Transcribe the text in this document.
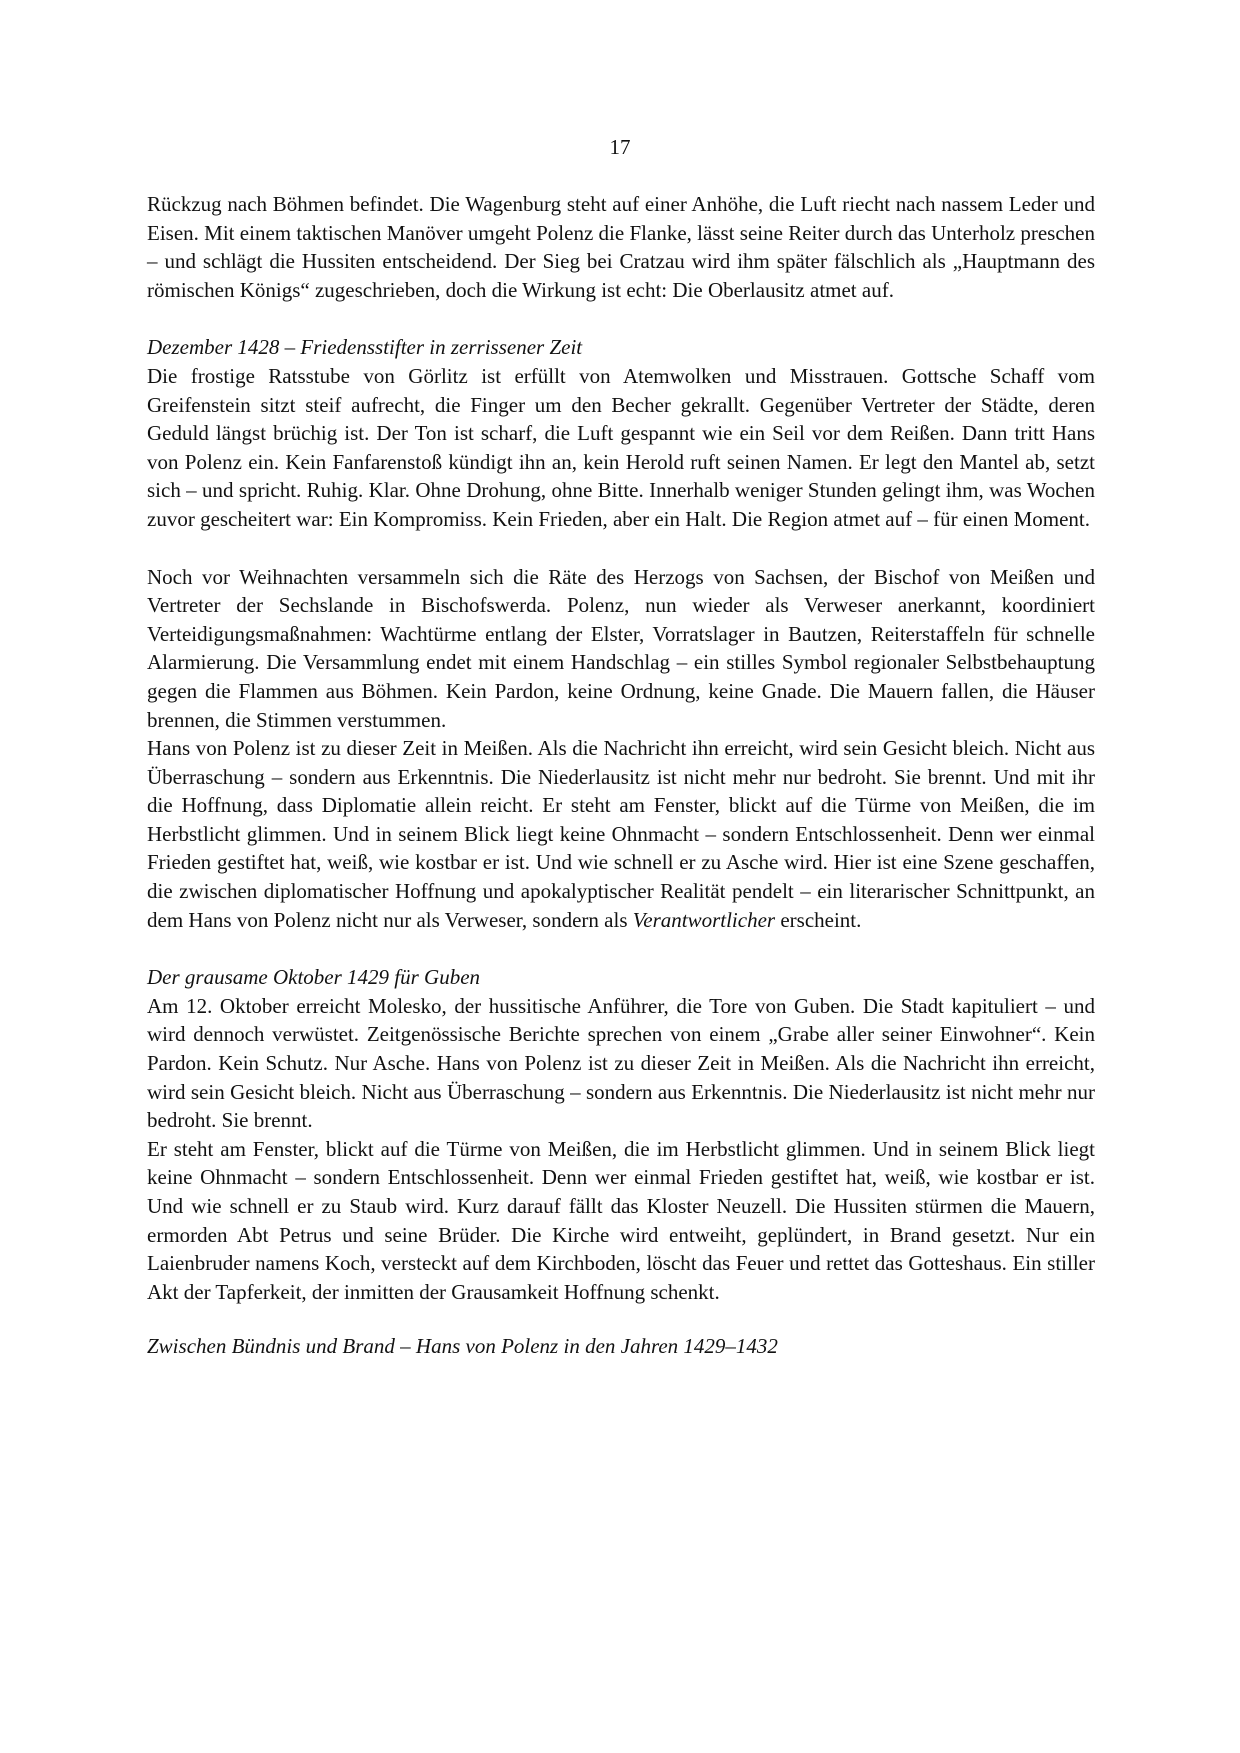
17

Rückzug nach Böhmen befindet. Die Wagenburg steht auf einer Anhöhe, die Luft riecht nach nassem Leder und Eisen. Mit einem taktischen Manöver umgeht Polenz die Flanke, lässt seine Reiter durch das Unterholz preschen – und schlägt die Hussiten entscheidend. Der Sieg bei Cratzau wird ihm später fälschlich als „Hauptmann des römischen Königs“ zugeschrieben, doch die Wirkung ist echt: Die Oberlausitz atmet auf.

Dezember 1428 – Friedensstifter in zerrissener Zeit

Die frostige Ratsstube von Görlitz ist erfüllt von Atemwolken und Misstrauen. Gottsche Schaff vom Greifenstein sitzt steif aufrecht, die Finger um den Becher gekrallt. Gegenüber Vertreter der Städte, deren Geduld längst brüchig ist. Der Ton ist scharf, die Luft gespannt wie ein Seil vor dem Reißen. Dann tritt Hans von Polenz ein. Kein Fanfarenstoß kündigt ihn an, kein Herold ruft seinen Namen. Er legt den Mantel ab, setzt sich – und spricht. Ruhig. Klar. Ohne Drohung, ohne Bitte. Innerhalb weniger Stunden gelingt ihm, was Wochen zuvor gescheitert war: Ein Kompromiss. Kein Frieden, aber ein Halt. Die Region atmet auf – für einen Moment.

Noch vor Weihnachten versammeln sich die Räte des Herzogs von Sachsen, der Bischof von Meißen und Vertreter der Sechslande in Bischofswerda. Polenz, nun wieder als Verweser anerkannt, koordiniert Verteidigungsmaßnahmen: Wachtürme entlang der Elster, Vorratslager in Bautzen, Reiterstaffeln für schnelle Alarmierung. Die Versammlung endet mit einem Handschlag – ein stilles Symbol regionaler Selbstbehauptung gegen die Flammen aus Böhmen. Kein Pardon, keine Ordnung, keine Gnade. Die Mauern fallen, die Häuser brennen, die Stimmen verstummen.

Hans von Polenz ist zu dieser Zeit in Meißen. Als die Nachricht ihn erreicht, wird sein Gesicht bleich. Nicht aus Überraschung – sondern aus Erkenntnis. Die Niederlausitz ist nicht mehr nur bedroht. Sie brennt. Und mit ihr die Hoffnung, dass Diplomatie allein reicht. Er steht am Fenster, blickt auf die Türme von Meißen, die im Herbstlicht glimmen. Und in seinem Blick liegt keine Ohnmacht – sondern Entschlossenheit. Denn wer einmal Frieden gestiftet hat, weiß, wie kostbar er ist. Und wie schnell er zu Asche wird. Hier ist eine Szene geschaffen, die zwischen diplomatischer Hoffnung und apokalyptischer Realität pendelt – ein literarischer Schnittpunkt, an dem Hans von Polenz nicht nur als Verweser, sondern als Verantwortlicher erscheint.

Der grausame Oktober 1429 für Guben

Am 12. Oktober erreicht Molesko, der hussitische Anführer, die Tore von Guben. Die Stadt kapituliert – und wird dennoch verwüstet. Zeitgenössische Berichte sprechen von einem „Grabe aller seiner Einwohner“. Kein Pardon. Kein Schutz. Nur Asche. Hans von Polenz ist zu dieser Zeit in Meißen. Als die Nachricht ihn erreicht, wird sein Gesicht bleich. Nicht aus Überraschung – sondern aus Erkenntnis. Die Niederlausitz ist nicht mehr nur bedroht. Sie brennt.

Er steht am Fenster, blickt auf die Türme von Meißen, die im Herbstlicht glimmen. Und in seinem Blick liegt keine Ohnmacht – sondern Entschlossenheit. Denn wer einmal Frieden gestiftet hat, weiß, wie kostbar er ist. Und wie schnell er zu Staub wird. Kurz darauf fällt das Kloster Neuzell. Die Hussiten stürmen die Mauern, ermorden Abt Petrus und seine Brüder. Die Kirche wird entweiht, geplündert, in Brand gesetzt. Nur ein Laienbruder namens Koch, versteckt auf dem Kirchboden, löscht das Feuer und rettet das Gotteshaus. Ein stiller Akt der Tapferkeit, der inmitten der Grausamkeit Hoffnung schenkt.

Zwischen Bündnis und Brand – Hans von Polenz in den Jahren 1429–1432
